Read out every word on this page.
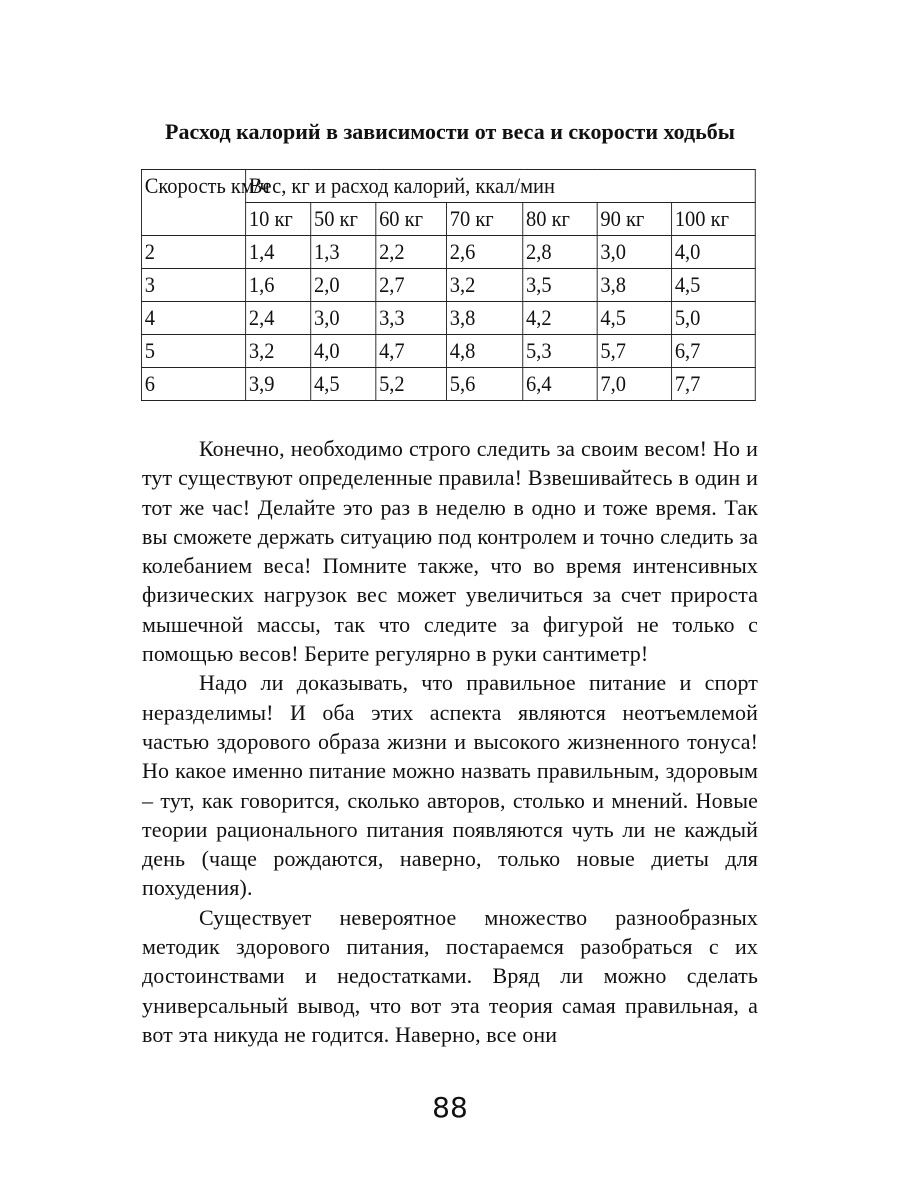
Расход калорий в зависимости от веса и скорости ходьбы
Скорость км/ч	Вес, кг и расход калорий, ккал/мин						
	10 кг	50 кг	60 кг	70 кг	80 кг	90 кг	100 кг
2	1,4	1,3	2,2	2,6	2,8	3,0	4,0
3	1,6	2,0	2,7	3,2	3,5	3,8	4,5
4	2,4	3,0	3,3	3,8	4,2	4,5	5,0
5	3,2	4,0	4,7	4,8	5,3	5,7	6,7
6	3,9	4,5	5,2	5,6	6,4	7,0	7,7

Конечно, необходимо строго следить за своим весом! Но и тут существуют определенные правила! Взвешивайтесь в один и тот же час! Делайте это раз в неделю в одно и тоже время. Так вы сможете держать ситуацию под контролем и точно следить за колебанием веса! Помните также, что во время интенсивных физических нагрузок вес может увеличиться за счет прироста мышечной массы, так что следите за фигурой не только с помощью весов! Берите регулярно в руки сантиметр!

Надо ли доказывать, что правильное питание и спорт неразделимы! И оба этих аспекта являются неотъемлемой частью здорового образа жизни и высокого жизненного тонуса! Но какое именно питание можно назвать правильным, здоровым – тут, как говорится, сколько авторов, столько и мнений. Новые теории рационального питания появляются чуть ли не каждый день (чаще рождаются, наверно, только новые диеты для похудения).

Существует невероятное множество разнообразных методик здорового питания, постараемся разобраться с их достоинствами и недостатками. Вряд ли можно сделать универсальный вывод, что вот эта теория самая правильная, а вот эта никуда не годится. Наверно, все они

88
